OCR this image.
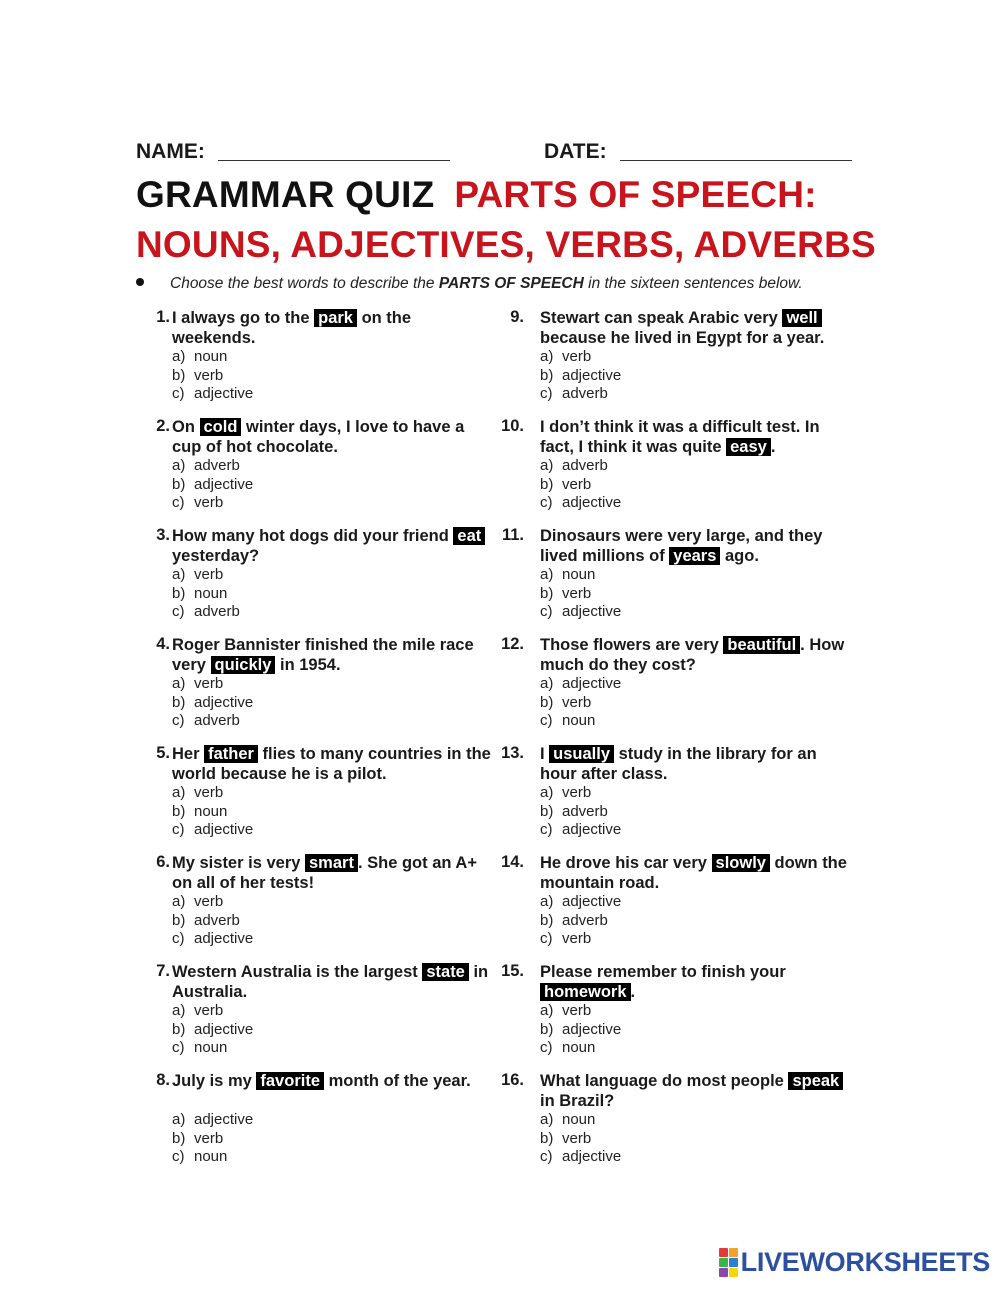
NAME:	DATE:
GRAMMAR QUIZ PARTS OF SPEECH:
NOUNS, ADJECTIVES, VERBS, ADVERBS
Choose the best words to describe the PARTS OF SPEECH in the sixteen sentences below.
1. I always go to the park on the weekends.
a) noun
b) verb
c) adjective
2. On cold winter days, I love to have a cup of hot chocolate.
a) adverb
b) adjective
c) verb
3. How many hot dogs did your friend eat yesterday?
a) verb
b) noun
c) adverb
4. Roger Bannister finished the mile race very quickly in 1954.
a) verb
b) adjective
c) adverb
5. Her father flies to many countries in the world because he is a pilot.
a) verb
b) noun
c) adjective
6. My sister is very smart . She got an A+ on all of her tests!
a) verb
b) adverb
c) adjective
7. Western Australia is the largest state in Australia.
a) verb
b) adjective
c) noun
8. July is my favorite month of the year.
a) adjective
b) verb
c) noun
9. Stewart can speak Arabic very well because he lived in Egypt for a year.
a) verb
b) adjective
c) adverb
10. I don’t think it was a difficult test. In fact, I think it was quite easy .
a) adverb
b) verb
c) adjective
11. Dinosaurs were very large, and they lived millions of years ago.
a) noun
b) verb
c) adjective
12. Those flowers are very beautiful . How much do they cost?
a) adjective
b) verb
c) noun
13. I usually study in the library for an hour after class.
a) verb
b) adverb
c) adjective
14. He drove his car very slowly down the mountain road.
a) adjective
b) adverb
c) verb
15. Please remember to finish your homework .
a) verb
b) adjective
c) noun
16. What language do most people speak in Brazil?
a) noun
b) verb
c) adjective
LIVEWORKSHEETS
